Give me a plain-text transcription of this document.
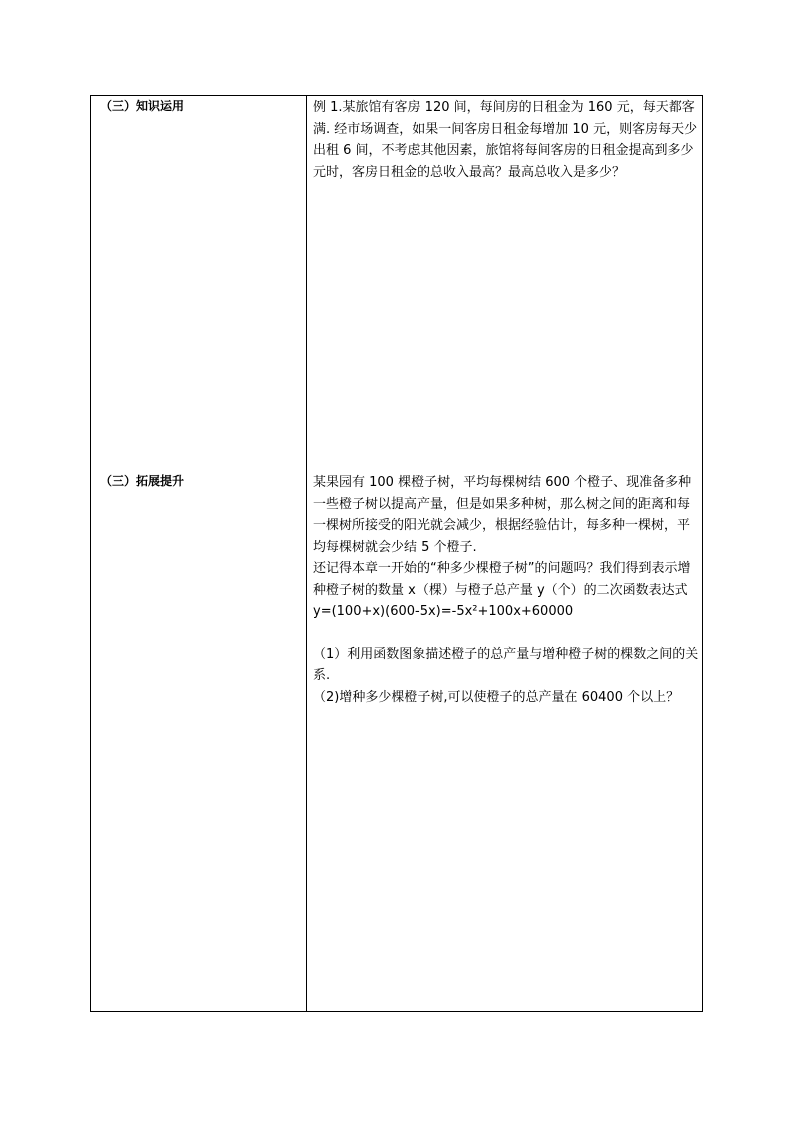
（三）知识运用	例 1.某旅馆有客房 120 间，每间房的日租金为 160 元，每天都客满. 经市场调查，如果一间客房日租金每增加 10 元，则客房每天少出租 6 间，不考虑其他因素，旅馆将每间客房的日租金提高到多少元时，客房日租金的总收入最高？最高总收入是多少？

（三）拓展提升	某果园有 100 棵橙子树，平均每棵树结 600 个橙子、现准备多种一些橙子树以提高产量，但是如果多种树，那么树之间的距离和每一棵树所接受的阳光就会减少，根据经验估计，每多种一棵树，平均每棵树就会少结 5 个橙子.

还记得本章一开始的“种多少棵橙子树”的问题吗？我们得到表示增种橙子树的数量 x（棵）与橙子总产量 y（个）的二次函数表达式 y=(100+x)(600-5x)=-5x²+100x+60000

（1）利用函数图象描述橙子的总产量与增种橙子树的棵数之间的关系.

（2)增种多少棵橙子树,可以使橙子的总产量在 60400 个以上？
